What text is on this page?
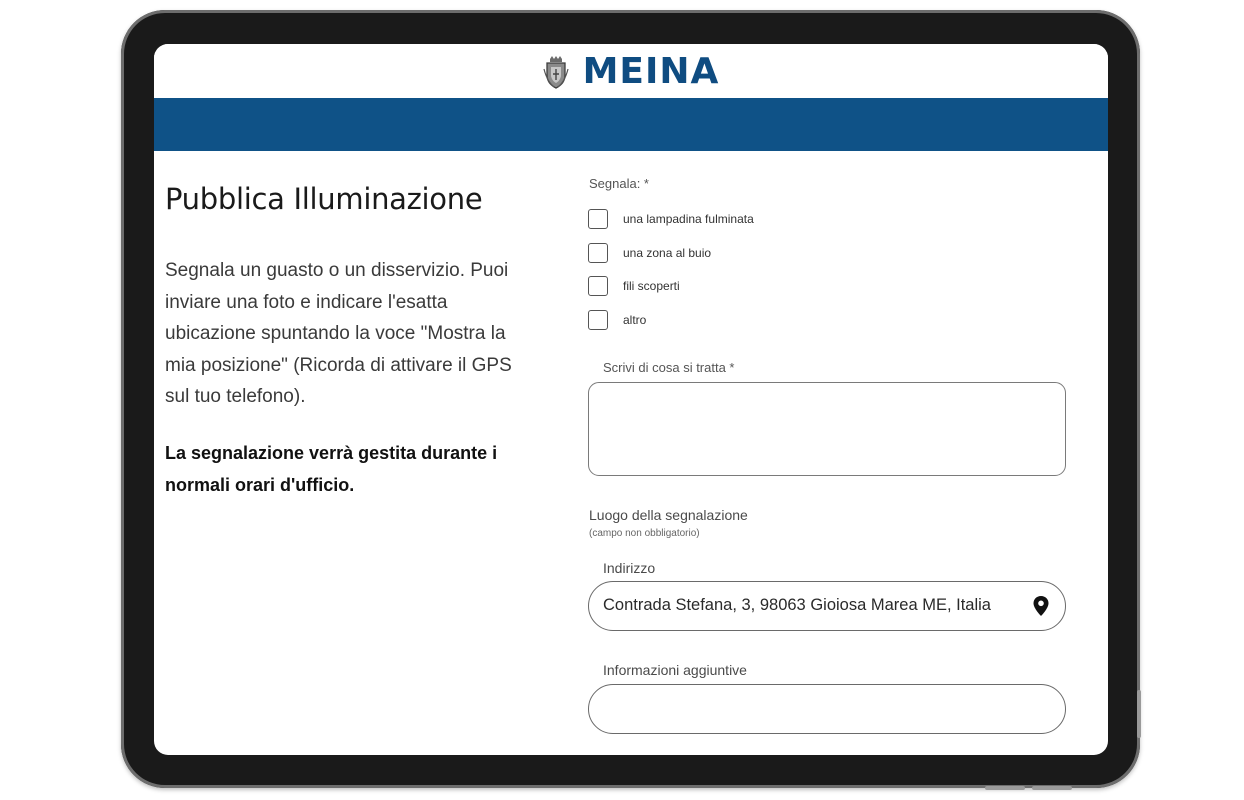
MEINA
Pubblica Illuminazione
Segnala un guasto o un disservizio. Puoi inviare una foto e indicare l'esatta ubicazione spuntando la voce "Mostra la mia posizione" (Ricorda di attivare il GPS sul tuo telefono).
La segnalazione verrà gestita durante i normali orari d'ufficio.
Segnala: *
una lampadina fulminata
una zona al buio
fili scoperti
altro
Scrivi di cosa si tratta *
Luogo della segnalazione
(campo non obbligatorio)
Indirizzo
Contrada Stefana, 3, 98063 Gioiosa Marea ME, Italia
Informazioni aggiuntive
